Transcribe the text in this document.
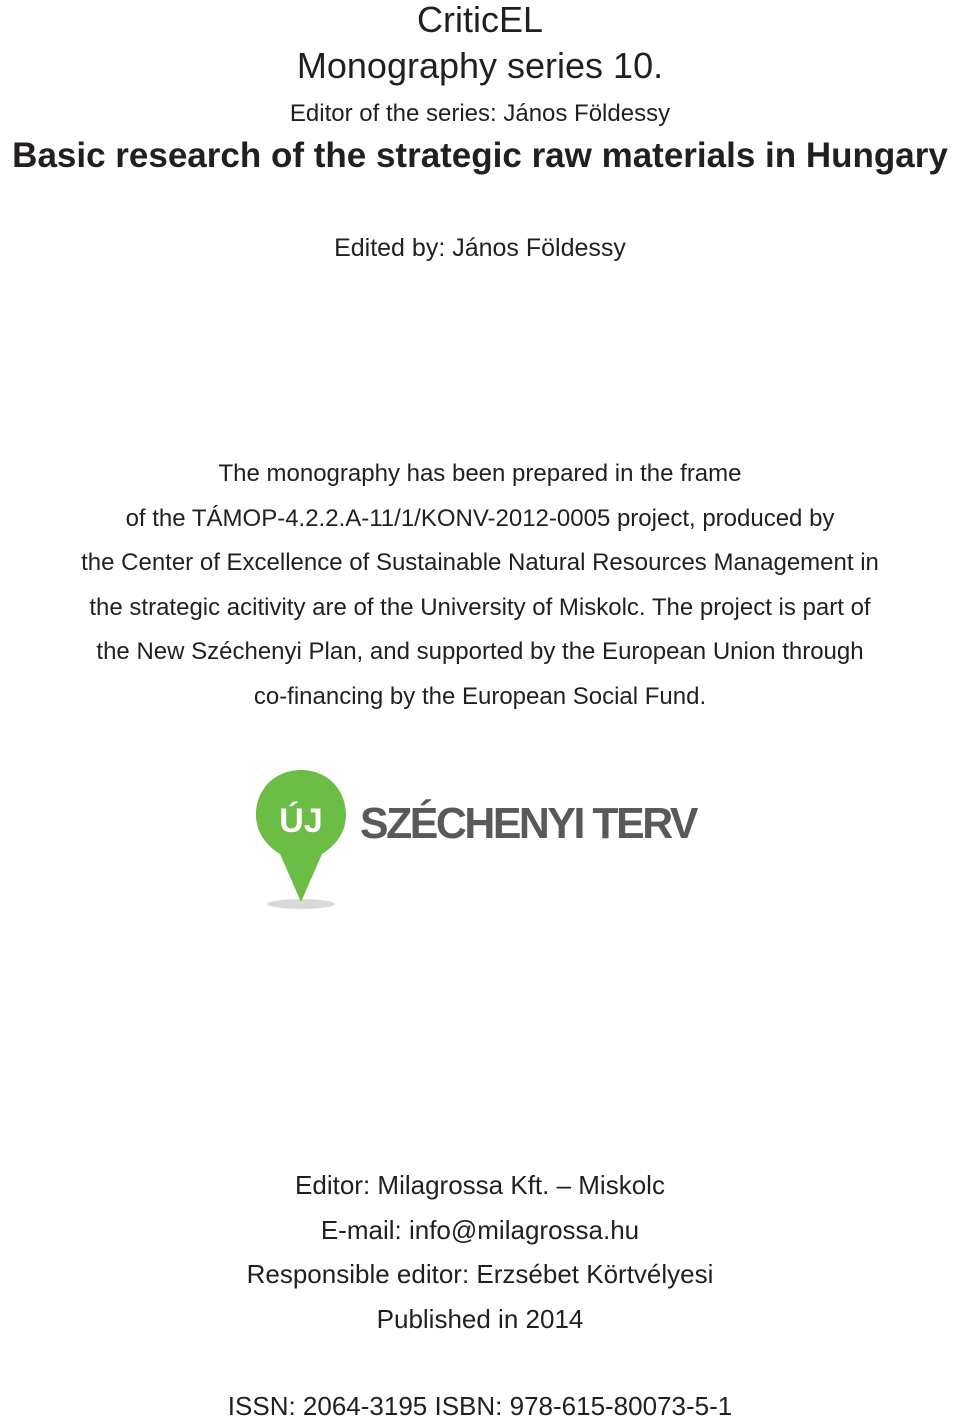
CriticEL
Monography series 10.
Editor of the series: János Földessy
Basic research of the strategic raw materials in Hungary
Edited by: János Földessy
The monography has been prepared in the frame
of the TÁMOP-4.2.2.A-11/1/KONV-2012-0005 project, produced by
the Center of Excellence of Sustainable Natural Resources Management in
the strategic acitivity are of the University of Miskolc. The project is part of
the New Széchenyi Plan, and supported by the European Union through
co-financing by the European Social Fund.
ÚJ SZÉCHENYI TERV
Editor: Milagrossa Kft. – Miskolc
E-mail: info@milagrossa.hu
Responsible editor: Erzsébet Körtvélyesi
Published in 2014
ISSN: 2064-3195 ISBN: 978-615-80073-5-1
